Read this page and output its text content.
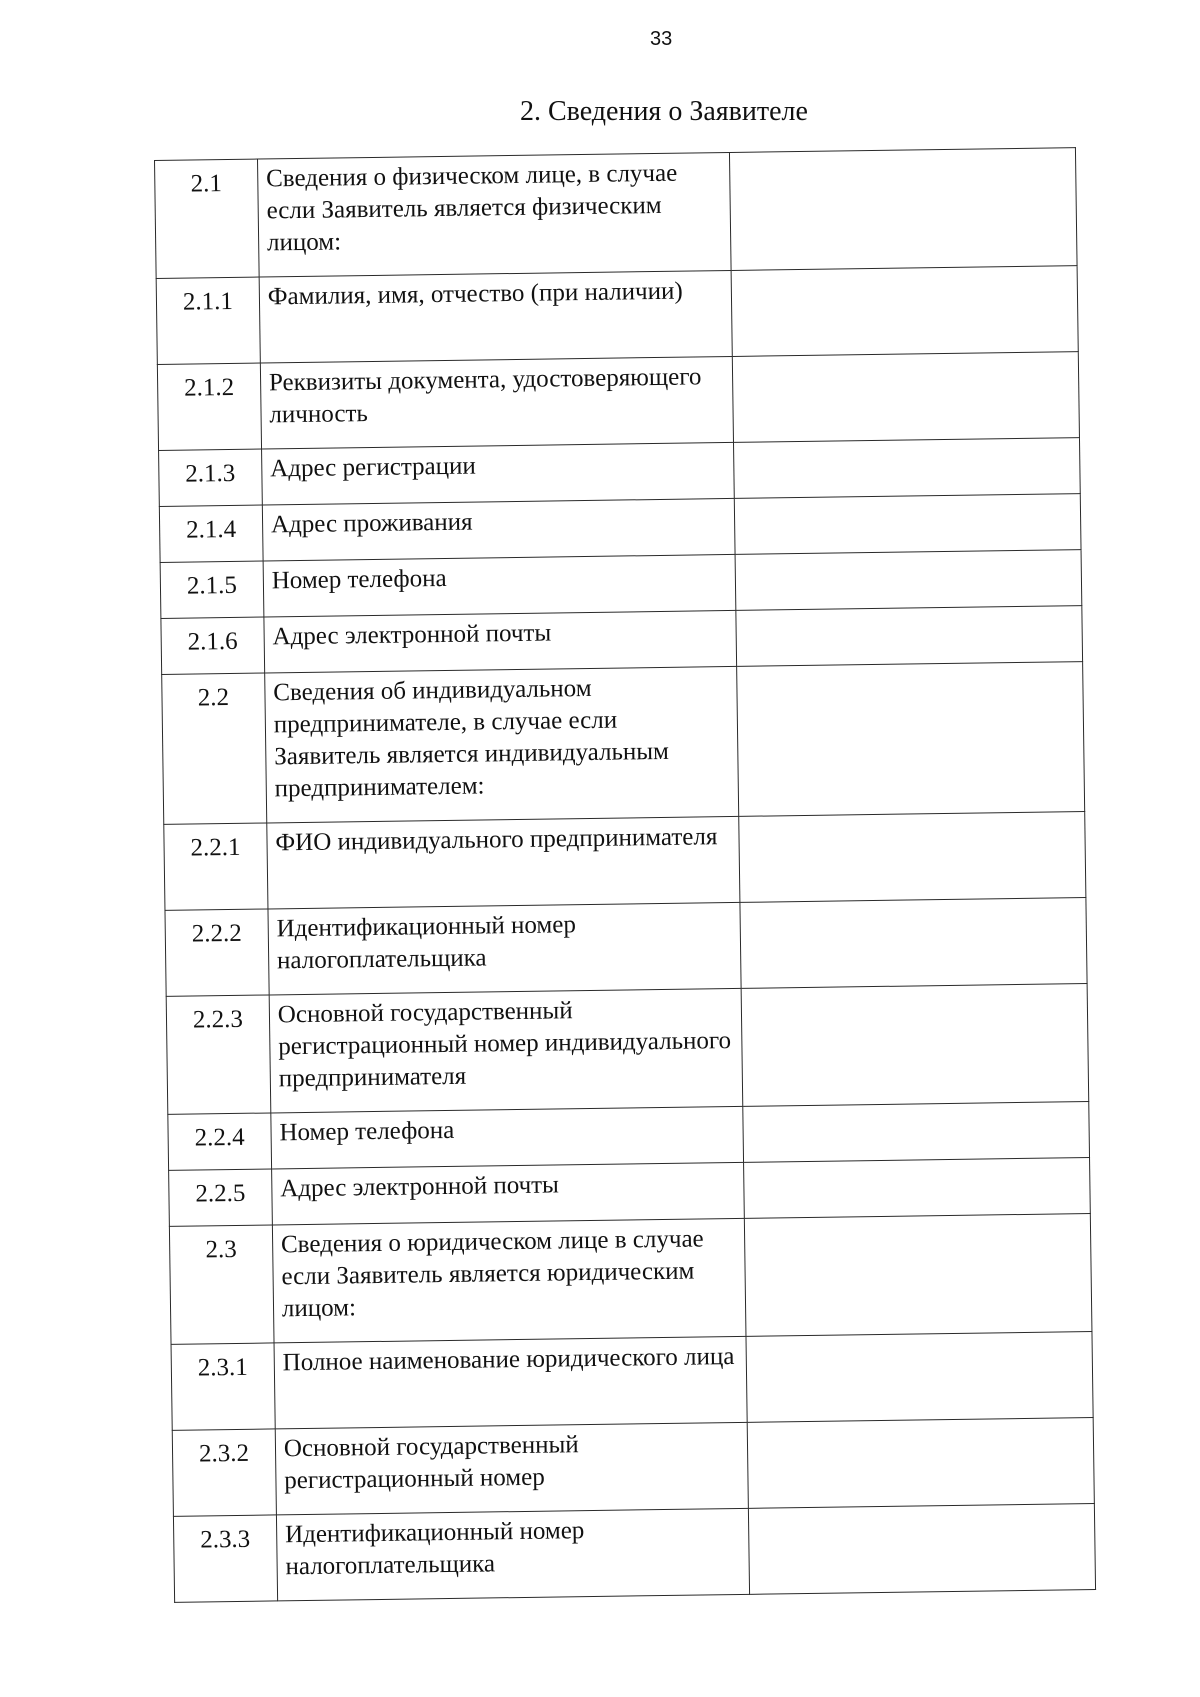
33
2. Сведения о Заявителе
2.1	Сведения о физическом лице, в случае если Заявитель является физическим лицом:	
2.1.1	Фамилия, имя, отчество (при наличии)	
2.1.2	Реквизиты документа, удостоверяющего личность	
2.1.3	Адрес регистрации	
2.1.4	Адрес проживания	
2.1.5	Номер телефона	
2.1.6	Адрес электронной почты	
2.2	Сведения об индивидуальном предпринимателе, в случае если Заявитель является индивидуальным предпринимателем:	
2.2.1	ФИО индивидуального предпринимателя	
2.2.2	Идентификационный номер налогоплательщика	
2.2.3	Основной государственный регистрационный номер индивидуального предпринимателя	
2.2.4	Номер телефона	
2.2.5	Адрес электронной почты	
2.3	Сведения о юридическом лице в случае если Заявитель является юридическим лицом:	
2.3.1	Полное наименование юридического лица	
2.3.2	Основной государственный регистрационный номер	
2.3.3	Идентификационный номер налогоплательщика	
